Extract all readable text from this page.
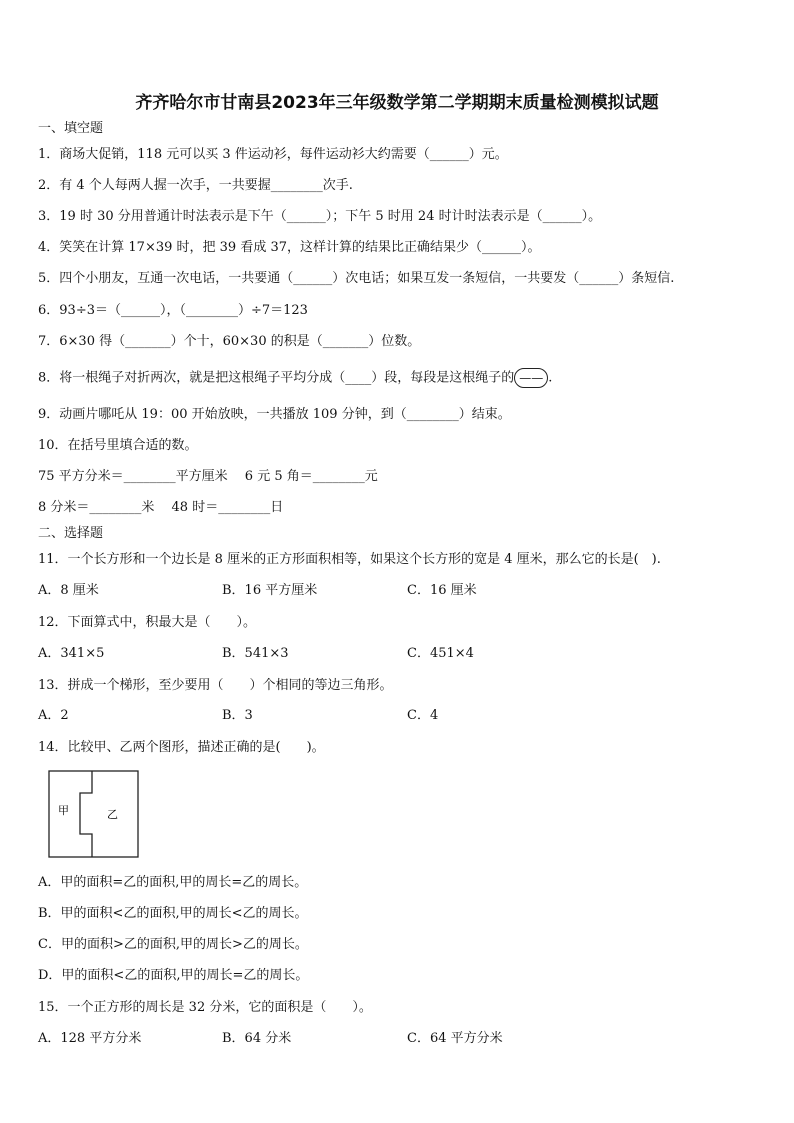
齐齐哈尔市甘南县2023年三年级数学第二学期期末质量检测模拟试题
一、填空题
1．商场大促销，118 元可以买 3 件运动衫，每件运动衫大约需要（______）元。
2．有 4 个人每两人握一次手，一共要握________次手.
3．19 时 30 分用普通计时法表示是下午（______）；下午 5 时用 24 时计时法表示是（______）。
4．笑笑在计算 17×39 时，把 39 看成 37，这样计算的结果比正确结果少（______）。
5．四个小朋友，互通一次电话，一共要通（______）次电话；如果互发一条短信，一共要发（______）条短信.
6．93÷3＝（______），（________）÷7＝123
7．6×30 得（_______）个十，60×30 的积是（_______）位数。
8．将一根绳子对折两次，就是把这根绳子平均分成（____）段，每段是这根绳子的 —— .
9．动画片哪吒从 19：00 开始放映，一共播放 109 分钟，到（________）结束。
10．在括号里填合适的数。
75 平方分米＝________平方厘米　 6 元 5 角＝________元
8 分米＝________米　 48 时＝________日
二、选择题
11．一个长方形和一个边长是 8 厘米的正方形面积相等，如果这个长方形的宽是 4 厘米，那么它的长是(　).
A．8 厘米	B．16 平方厘米	C．16 厘米
12．下面算式中，积最大是（　　）。
A．341×5	B．541×3	C．451×4
13．拼成一个梯形，至少要用（　　）个相同的等边三角形。
A．2	B．3	C．4
14．比较甲、乙两个图形，描述正确的是(　　)。
甲	乙
A．甲的面积=乙的面积,甲的周长=乙的周长。
B．甲的面积<乙的面积,甲的周长<乙的周长。
C．甲的面积>乙的面积,甲的周长>乙的周长。
D．甲的面积<乙的面积,甲的周长=乙的周长。
15．一个正方形的周长是 32 分米，它的面积是（　　）。
A．128 平方分米	B．64 分米	C．64 平方分米
